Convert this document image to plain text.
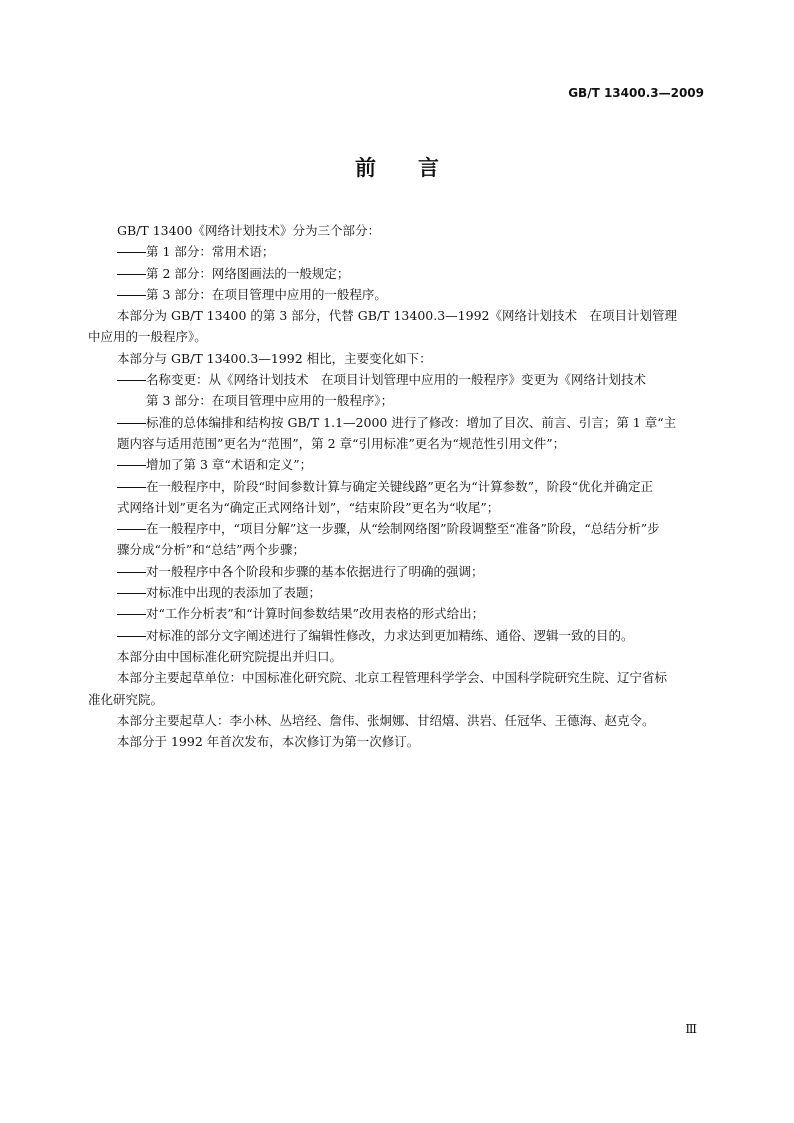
GB/T 13400.3—2009
前言
GB/T 13400《网络计划技术》分为三个部分：
第 1 部分：常用术语；
第 2 部分：网络图画法的一般规定；
第 3 部分：在项目管理中应用的一般程序。
本部分为 GB/T 13400 的第 3 部分，代替 GB/T 13400.3—1992《网络计划技术　在项目计划管理
中应用的一般程序》。
本部分与 GB/T 13400.3—1992 相比，主要变化如下：
名称变更：从《网络计划技术　在项目计划管理中应用的一般程序》变更为《网络计划技术
第 3 部分：在项目管理中应用的一般程序》；
标准的总体编排和结构按 GB/T 1.1—2000 进行了修改：增加了目次、前言、引言；第 1 章“主
题内容与适用范围”更名为“范围”，第 2 章“引用标准”更名为“规范性引用文件”；
增加了第 3 章“术语和定义”；
在一般程序中，阶段“时间参数计算与确定关键线路”更名为“计算参数”，阶段“优化并确定正
式网络计划”更名为“确定正式网络计划”，“结束阶段”更名为“收尾”；
在一般程序中，“项目分解”这一步骤，从“绘制网络图”阶段调整至“准备”阶段，“总结分析”步
骤分成“分析”和“总结”两个步骤；
对一般程序中各个阶段和步骤的基本依据进行了明确的强调；
对标准中出现的表添加了表题；
对“工作分析表”和“计算时间参数结果”改用表格的形式给出；
对标准的部分文字阐述进行了编辑性修改，力求达到更加精练、通俗、逻辑一致的目的。
本部分由中国标准化研究院提出并归口。
本部分主要起草单位：中国标准化研究院、北京工程管理科学学会、中国科学院研究生院、辽宁省标
准化研究院。
本部分主要起草人：李小林、丛培经、詹伟、张炯娜、甘绍熺、洪岩、任冠华、王德海、赵克令。
本部分于 1992 年首次发布，本次修订为第一次修订。
Ⅲ
